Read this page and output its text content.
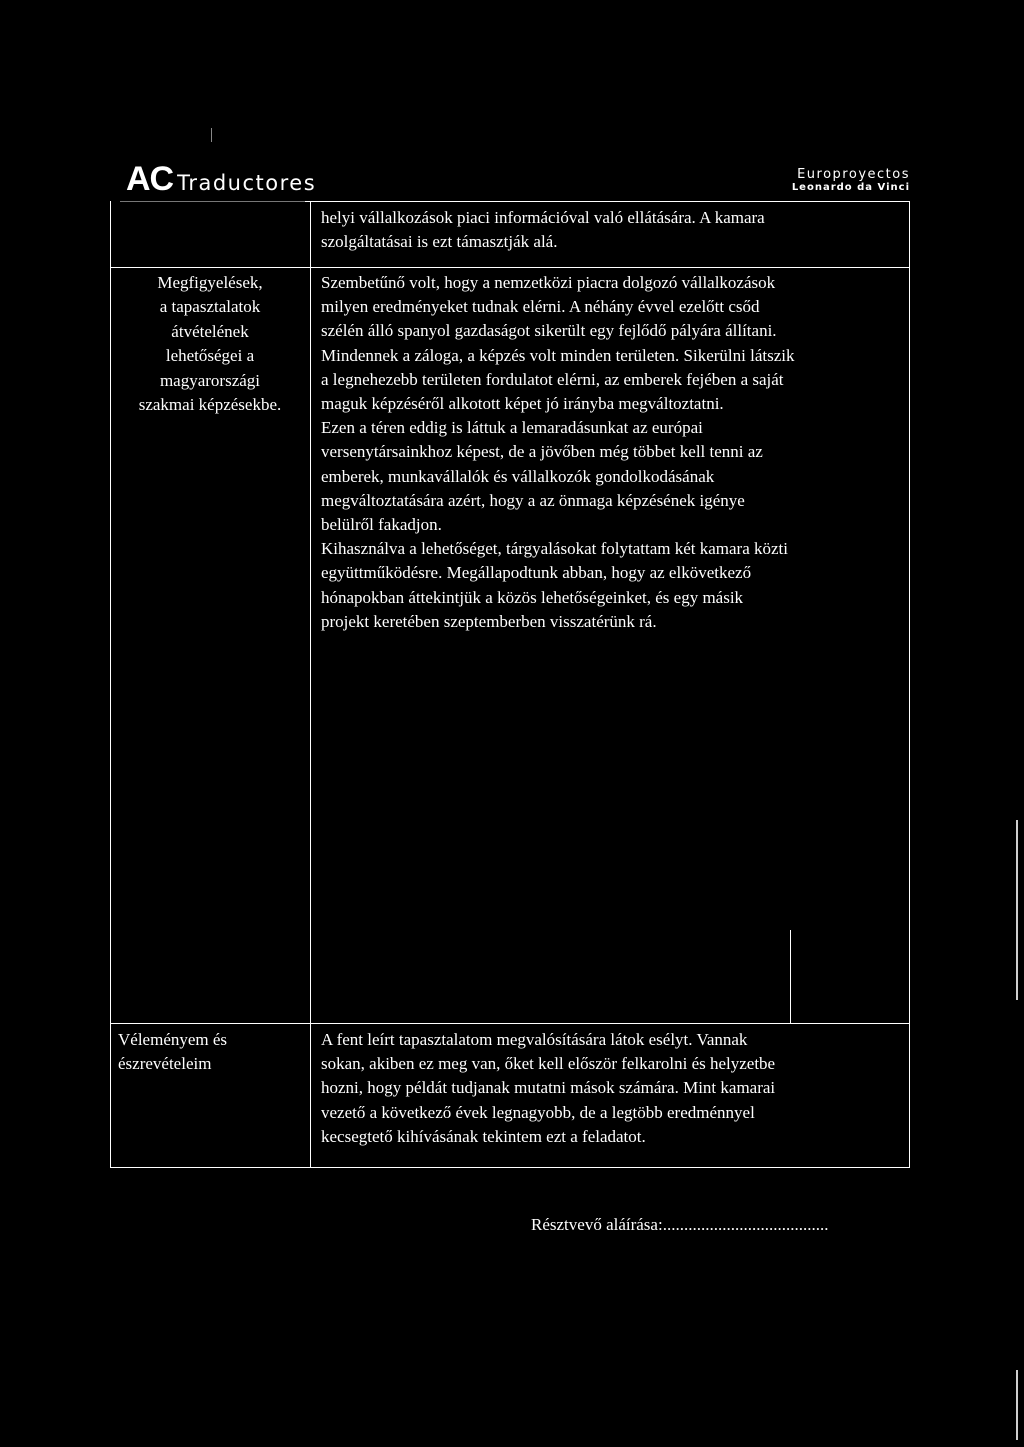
AC Traductores	Europroyectos
Leonardo da Vinci
helyi vállalkozások piaci információval való ellátására. A kamara
szolgáltatásai is ezt támasztják alá.
Megfigyelések,
a tapasztalatok
átvételének
lehetőségei a
magyarországi
szakmai képzésekbe.
Szembetűnő volt, hogy a nemzetközi piacra dolgozó vállalkozások
milyen eredményeket tudnak elérni. A néhány évvel ezelőtt csőd
szélén álló spanyol gazdaságot sikerült egy fejlődő pályára állítani.
Mindennek a záloga, a képzés volt minden területen. Sikerülni látszik
a legnehezebb területen fordulatot elérni, az emberek fejében a saját
maguk képzéséről alkotott képet jó irányba megváltoztatni.
Ezen a téren eddig is láttuk a lemaradásunkat az európai
versenytársainkhoz képest, de a jövőben még többet kell tenni az
emberek, munkavállalók és vállalkozók gondolkodásának
megváltoztatására azért, hogy a az önmaga képzésének igénye
belülről fakadjon.
Kihasználva a lehetőséget, tárgyalásokat folytattam két kamara közti
együttműködésre. Megállapodtunk abban, hogy az elkövetkező
hónapokban áttekintjük a közös lehetőségeinket, és egy másik
projekt keretében szeptemberben visszatérünk rá.
Véleményem és
észrevételeim
A fent leírt tapasztalatom megvalósítására látok esélyt. Vannak
sokan, akiben ez meg van, őket kell először felkarolni és helyzetbe
hozni, hogy példát tudjanak mutatni mások számára. Mint kamarai
vezető a következő évek legnagyobb, de a legtöbb eredménnyel
kecsegtető kihívásának tekintem ezt a feladatot.
Résztvevő aláírása:.......................................
